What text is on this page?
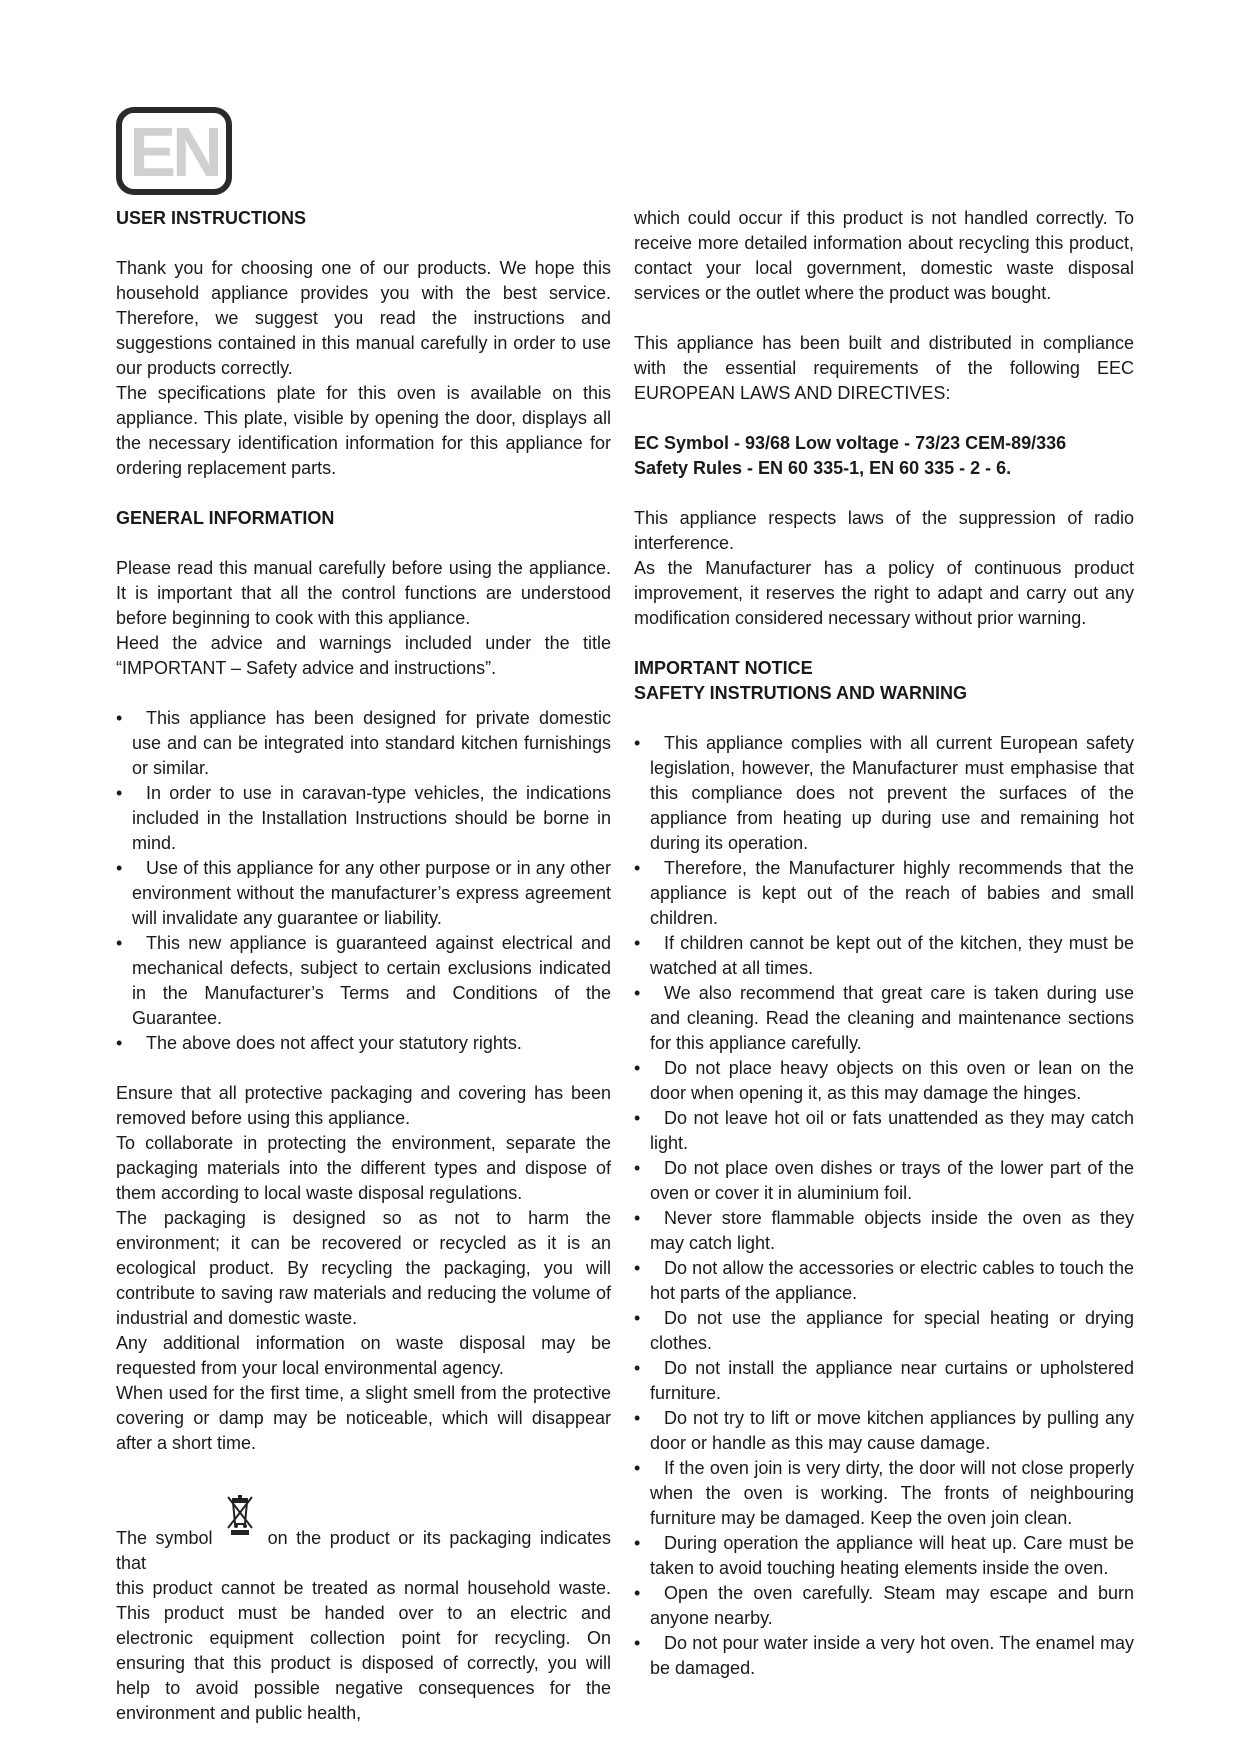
EN

USER INSTRUCTIONS

Thank you for choosing one of our products. We hope this household appliance provides you with the best service. Therefore, we suggest you read the instructions and suggestions contained in this manual carefully in order to use our products correctly.

The specifications plate for this oven is available on this appliance. This plate, visible by opening the door, displays all the necessary identification information for this appliance for ordering replacement parts.

GENERAL INFORMATION

Please read this manual carefully before using the appliance. It is important that all the control functions are understood before beginning to cook with this appliance.

Heed the advice and warnings included under the title “IMPORTANT – Safety advice and instructions”.

• This appliance has been designed for private domestic use and can be integrated into standard kitchen furnishings or similar.
• In order to use in caravan-type vehicles, the indications included in the Installation Instructions should be borne in mind.
• Use of this appliance for any other purpose or in any other environment without the manufacturer’s express agreement will invalidate any guarantee or liability.
• This new appliance is guaranteed against electrical and mechanical defects, subject to certain exclusions indicated in the Manufacturer’s Terms and Conditions of the Guarantee.
• The above does not affect your statutory rights.

Ensure that all protective packaging and covering has been removed before using this appliance.

To collaborate in protecting the environment, separate the packaging materials into the different types and dispose of them according to local waste disposal regulations.

The packaging is designed so as not to harm the environment; it can be recovered or recycled as it is an ecological product. By recycling the packaging, you will contribute to saving raw materials and reducing the volume of industrial and domestic waste.

Any additional information on waste disposal may be requested from your local environmental agency.

When used for the first time, a slight smell from the protective covering or damp may be noticeable, which will disappear after a short time.

The symbol	on the product or its packaging indicates that

this product cannot be treated as normal household waste. This product must be handed over to an electric and electronic equipment collection point for recycling. On ensuring that this product is disposed of correctly, you will help to avoid possible negative consequences for the environment and public health,

which could occur if this product is not handled correctly. To receive more detailed information about recycling this product, contact your local government, domestic waste disposal services or the outlet where the product was bought.

This appliance has been built and distributed in compliance with the essential requirements of the following EEC EUROPEAN LAWS AND DIRECTIVES:

EC Symbol - 93/68 Low voltage - 73/23 CEM-89/336

Safety Rules - EN 60 335-1, EN 60 335 - 2 - 6.

This appliance respects laws of the suppression of radio interference.

As the Manufacturer has a policy of continuous product improvement, it reserves the right to adapt and carry out any modification considered necessary without prior warning.

IMPORTANT NOTICE

SAFETY INSTRUTIONS AND WARNING

• This appliance complies with all current European safety legislation, however, the Manufacturer must emphasise that this compliance does not prevent the surfaces of the appliance from heating up during use and remaining hot during its operation.
• Therefore, the Manufacturer highly recommends that the appliance is kept out of the reach of babies and small children.
• If children cannot be kept out of the kitchen, they must be watched at all times.
• We also recommend that great care is taken during use and cleaning. Read the cleaning and maintenance sections for this appliance carefully.
• Do not place heavy objects on this oven or lean on the door when opening it, as this may damage the hinges.
• Do not leave hot oil or fats unattended as they may catch light.
• Do not place oven dishes or trays of the lower part of the oven or cover it in aluminium foil.
• Never store flammable objects inside the oven as they may catch light.
• Do not allow the accessories or electric cables to touch the hot parts of the appliance.
• Do not use the appliance for special heating or drying clothes.
• Do not install the appliance near curtains or upholstered furniture.
• Do not try to lift or move kitchen appliances by pulling any door or handle as this may cause damage.
• If the oven join is very dirty, the door will not close properly when the oven is working. The fronts of neighbouring furniture may be damaged. Keep the oven join clean.
• During operation the appliance will heat up. Care must be taken to avoid touching heating elements inside the oven.
• Open the oven carefully. Steam may escape and burn anyone nearby.
• Do not pour water inside a very hot oven. The enamel may be damaged.
